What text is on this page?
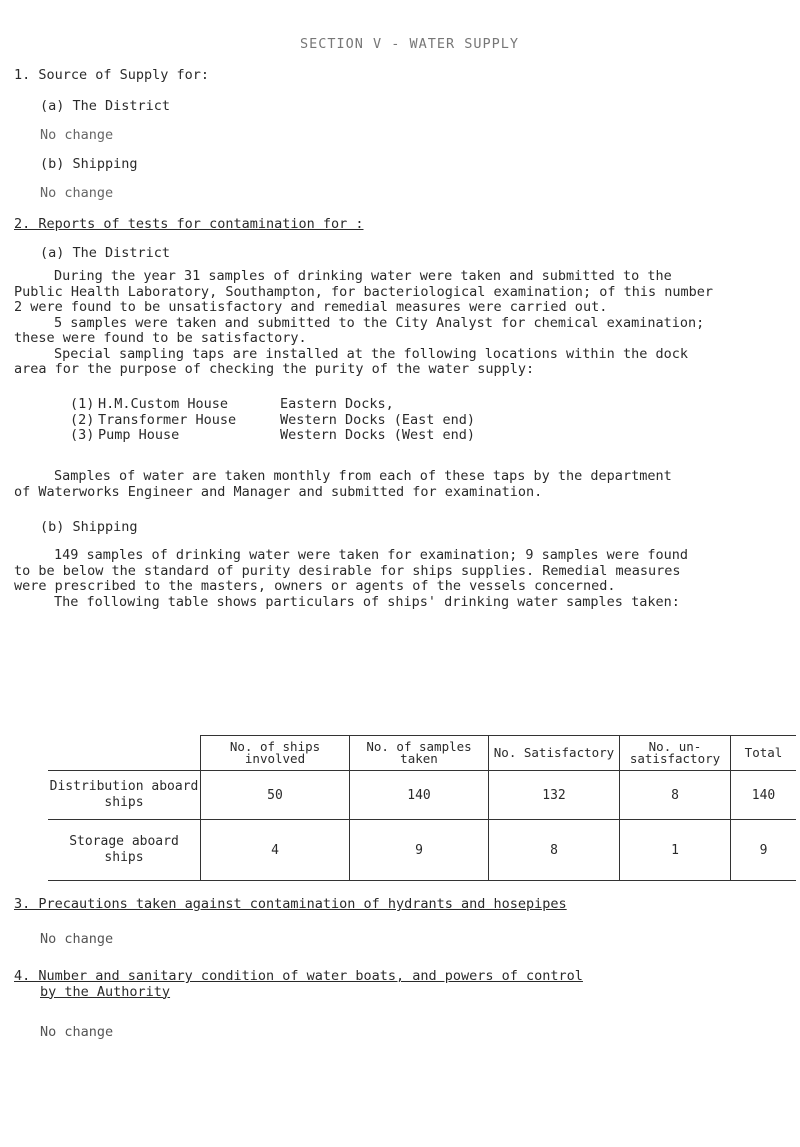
SECTION V - WATER SUPPLY
1. Source of Supply for:
(a) The District
No change
(b) Shipping
No change
2. Reports of tests for contamination for :
(a) The District
During the year 31 samples of drinking water were taken and submitted to the
Public Health Laboratory, Southampton, for bacteriological examination; of this number
2 were found to be unsatisfactory and remedial measures were carried out.
5 samples were taken and submitted to the City Analyst for chemical examination;
these were found to be satisfactory.
Special sampling taps are installed at the following locations within the dock
area for the purpose of checking the purity of the water supply:
(1) H.M.Custom House	Eastern Docks,
(2) Transformer House	Western Docks (East end)
(3) Pump House	Western Docks (West end)
Samples of water are taken monthly from each of these taps by the department
of Waterworks Engineer and Manager and submitted for examination.
(b) Shipping
149 samples of drinking water were taken for examination; 9 samples were found
to be below the standard of purity desirable for ships supplies. Remedial measures
were prescribed to the masters, owners or agents of the vessels concerned.
The following table shows particulars of ships' drinking water samples taken:
	No. of ships involved	No. of samples taken	No. Satisfactory	No. un-satisfactory	Total

Distribution aboard
ships	50	140	132	8	140

Storage aboard
ships	4	9	8	1	9
3. Precautions taken against contamination of hydrants and hosepipes
No change
4. Number and sanitary condition of water boats, and powers of control
by the Authority
No change
